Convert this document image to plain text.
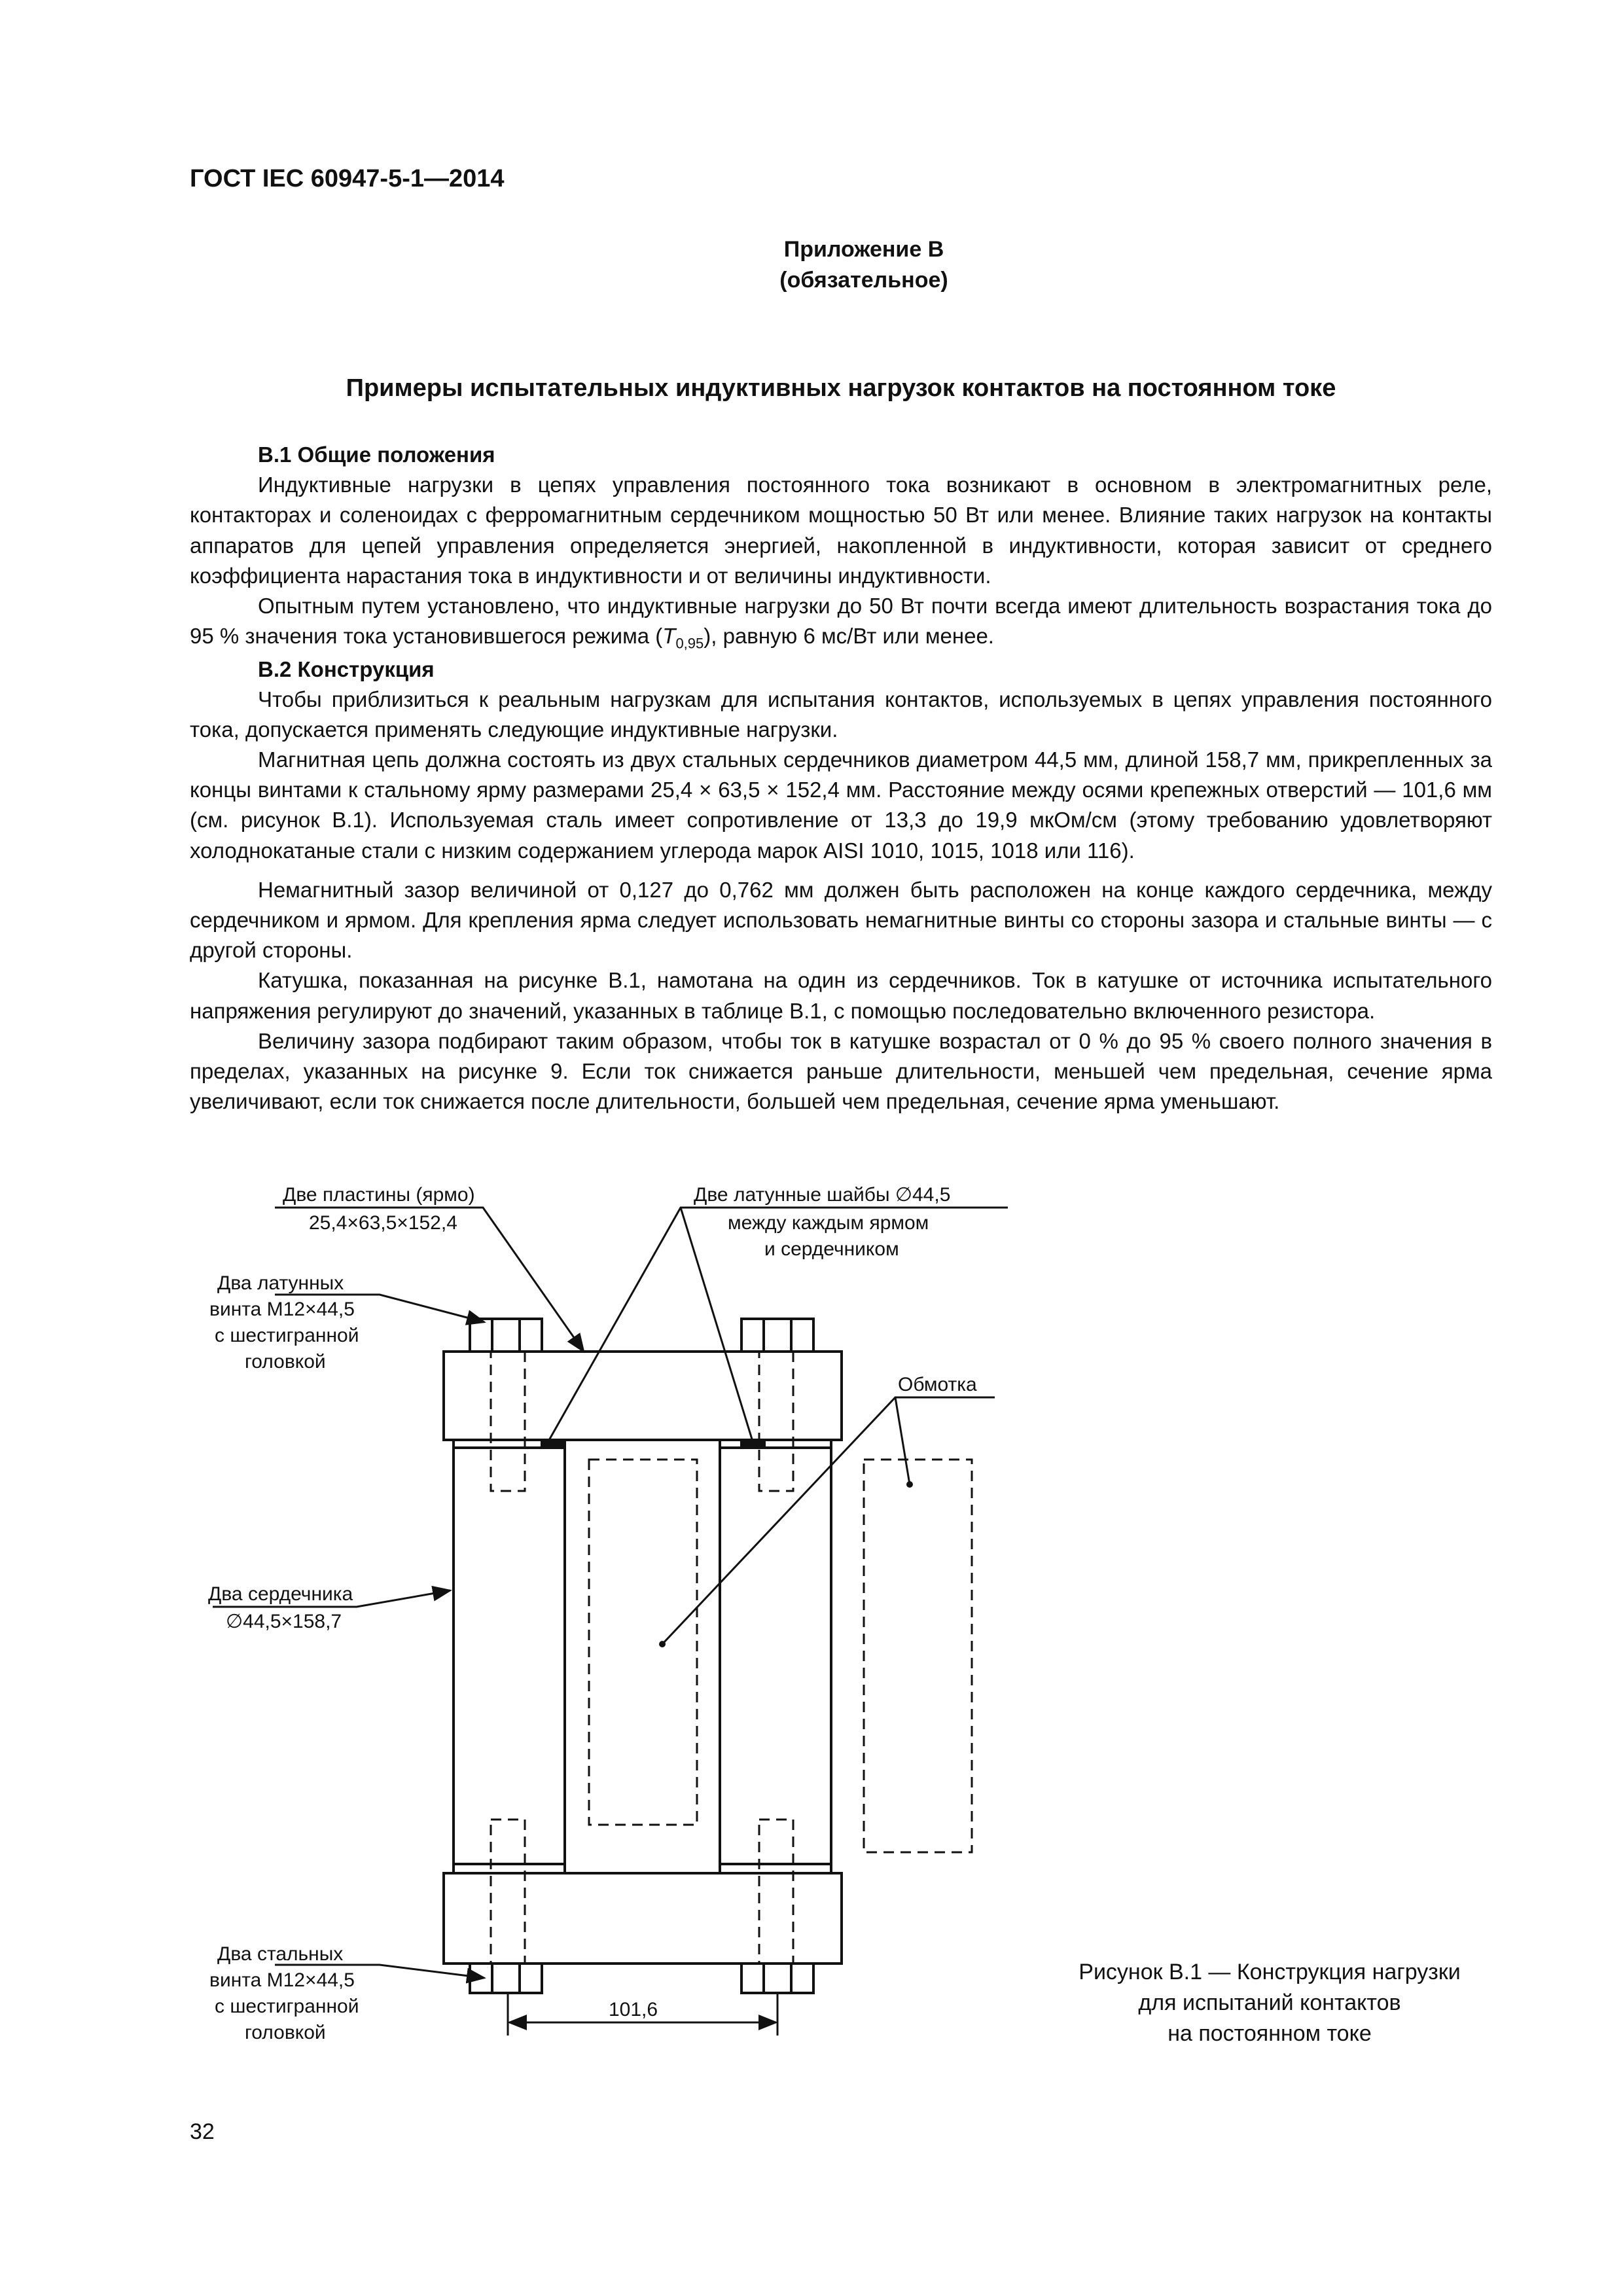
ГОСТ IEC 60947-5-1—2014
Приложение В
(обязательное)
Примеры испытательных индуктивных нагрузок контактов на постоянном токе
В.1 Общие положения

Индуктивные нагрузки в цепях управления постоянного тока возникают в основном в электромагнитных реле, контакторах и соленоидах с ферромагнитным сердечником мощностью 50 Вт или менее. Влияние таких нагрузок на контакты аппаратов для цепей управления определяется энергией, накопленной в индуктивности, которая зависит от среднего коэффициента нарастания тока в индуктивности и от величины индуктивности.

Опытным путем установлено, что индуктивные нагрузки до 50 Вт почти всегда имеют длительность возрастания тока до 95 % значения тока установившегося режима $(T_{0,95})$, равную 6 мс/Вт или менее.

В.2 Конструкция

Чтобы приблизиться к реальным нагрузкам для испытания контактов, используемых в цепях управления постоянного тока, допускается применять следующие индуктивные нагрузки.

Магнитная цепь должна состоять из двух стальных сердечников диаметром 44,5 мм, длиной 158,7 мм, прикрепленных за концы винтами к стальному ярму размерами 25,4 × 63,5 × 152,4 мм. Расстояние между осями крепежных отверстий — 101,6 мм (см. рисунок В.1). Используемая сталь имеет сопротивление от 13,3 до 19,9 мкОм/см (этому требованию удовлетворяют холоднокатаные стали с низким содержанием углерода марок AISI 1010, 1015, 1018 или 116).

Немагнитный зазор величиной от 0,127 до 0,762 мм должен быть расположен на конце каждого сердечника, между сердечником и ярмом. Для крепления ярма следует использовать немагнитные винты со стороны зазора и стальные винты — с другой стороны.

Катушка, показанная на рисунке В.1, намотана на один из сердечников. Ток в катушке от источника испытательного напряжения регулируют до значений, указанных в таблице В.1, с помощью последовательно включенного резистора.

Величину зазора подбирают таким образом, чтобы ток в катушке возрастал от 0 % до 95 % своего полного значения в пределах, указанных на рисунке 9. Если ток снижается раньше длительности, меньшей чем предельная, сечение ярма увеличивают, если ток снижается после длительности, большей чем предельная, сечение ярма уменьшают.

Две пластины (ярмо)
25,4×63,5×152,4
Две латунные шайбы ∅44,5
между каждым ярмом
и сердечником
Два латунных
винта М12×44,5
с шестигранной
головкой
Обмотка
Два сердечника
∅44,5×158,7
Два стальных
винта М12×44,5
с шестигранной
головкой
101,6
Рисунок В.1 — Конструкция нагрузки
для испытаний контактов
на постоянном токе
32
